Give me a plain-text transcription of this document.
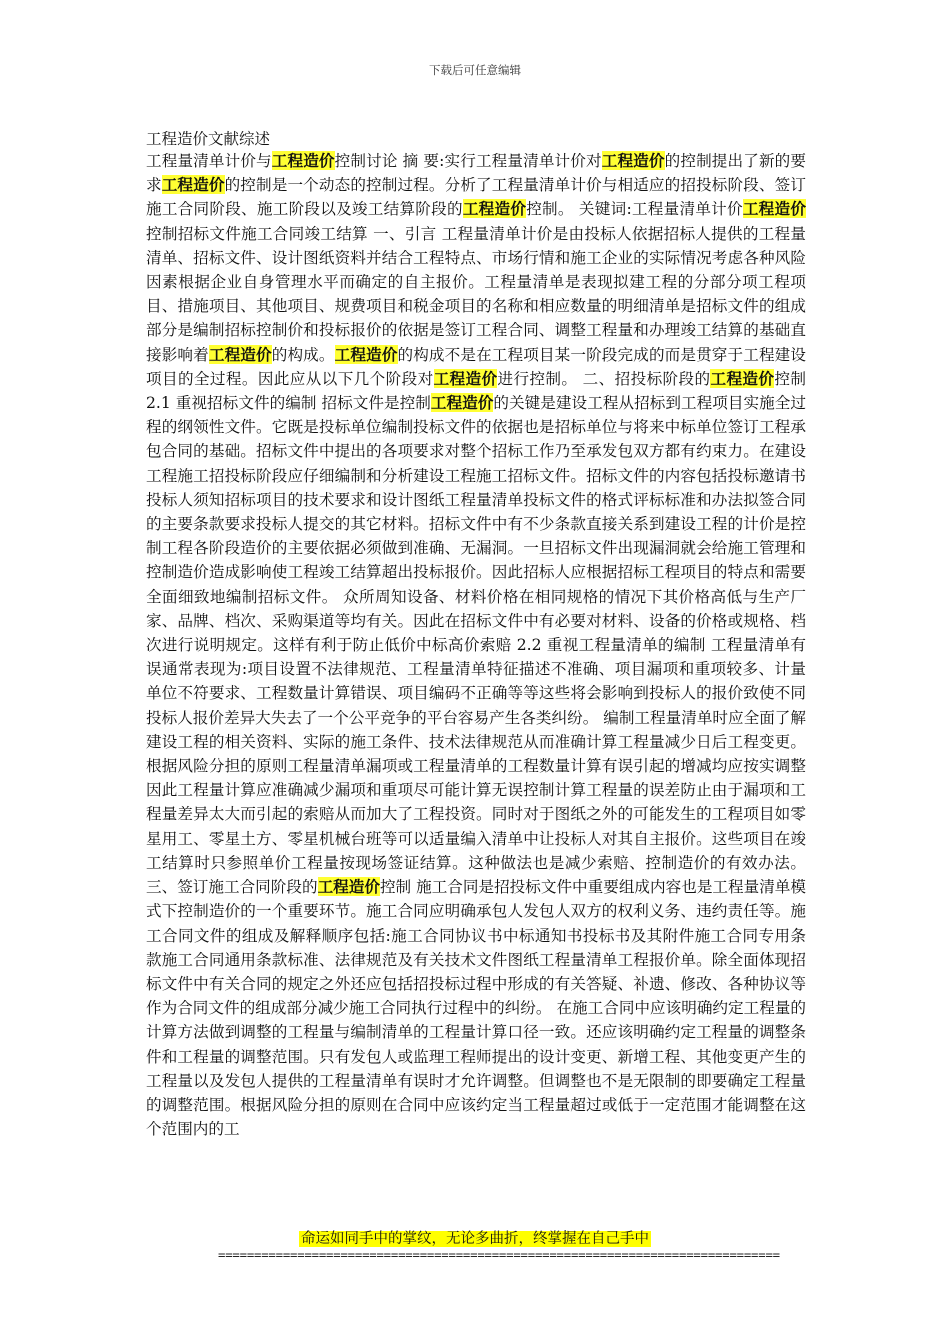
下载后可任意编辑
工程造价文献综述
工程量清单计价与工程造价控制讨论 摘 要:实行工程量清单计价对工程造价的控制提出了新的要求工程造价的控制是一个动态的控制过程。分析了工程量清单计价与相适应的招投标阶段、签订施工合同阶段、施工阶段以及竣工结算阶段的工程造价控制。 关键词:工程量清单计价工程造价控制招标文件施工合同竣工结算 一、引言 工程量清单计价是由投标人依据招标人提供的工程量清单、招标文件、设计图纸资料并结合工程特点、市场行情和施工企业的实际情况考虑各种风险因素根据企业自身管理水平而确定的自主报价。工程量清单是表现拟建工程的分部分项工程项目、措施项目、其他项目、规费项目和税金项目的名称和相应数量的明细清单是招标文件的组成部分是编制招标控制价和投标报价的依据是签订工程合同、调整工程量和办理竣工结算的基础直接影响着工程造价的构成。工程造价的构成不是在工程项目某一阶段完成的而是贯穿于工程建设项目的全过程。因此应从以下几个阶段对工程造价进行控制。 二、招投标阶段的工程造价控制 2.1 重视招标文件的编制 招标文件是控制工程造价的关键是建设工程从招标到工程项目实施全过程的纲领性文件。它既是投标单位编制投标文件的依据也是招标单位与将来中标单位签订工程承包合同的基础。招标文件中提出的各项要求对整个招标工作乃至承发包双方都有约束力。在建设工程施工招投标阶段应仔细编制和分析建设工程施工招标文件。招标文件的内容包括投标邀请书投标人须知招标项目的技术要求和设计图纸工程量清单投标文件的格式评标标准和办法拟签合同的主要条款要求投标人提交的其它材料。招标文件中有不少条款直接关系到建设工程的计价是控制工程各阶段造价的主要依据必须做到准确、无漏洞。一旦招标文件出现漏洞就会给施工管理和控制造价造成影响使工程竣工结算超出投标报价。因此招标人应根据招标工程项目的特点和需要全面细致地编制招标文件。 众所周知设备、材料价格在相同规格的情况下其价格高低与生产厂家、品牌、档次、采购渠道等均有关。因此在招标文件中有必要对材料、设备的价格或规格、档次进行说明规定。这样有利于防止低价中标高价索赔 2.2 重视工程量清单的编制 工程量清单有误通常表现为:项目设置不法律规范、工程量清单特征描述不准确、项目漏项和重项较多、计量单位不符要求、工程数量计算错误、项目编码不正确等等这些将会影响到投标人的报价致使不同投标人报价差异大失去了一个公平竞争的平台容易产生各类纠纷。 编制工程量清单时应全面了解建设工程的相关资料、实际的施工条件、技术法律规范从而准确计算工程量减少日后工程变更。根据风险分担的原则工程量清单漏项或工程量清单的工程数量计算有误引起的增减均应按实调整因此工程量计算应准确减少漏项和重项尽可能计算无误控制计算工程量的误差防止由于漏项和工程量差异太大而引起的索赔从而加大了工程投资。同时对于图纸之外的可能发生的工程项目如零星用工、零星土方、零星机械台班等可以适量编入清单中让投标人对其自主报价。这些项目在竣工结算时只参照单价工程量按现场签证结算。这种做法也是减少索赔、控制造价的有效办法。 三、签订施工合同阶段的工程造价控制 施工合同是招投标文件中重要组成内容也是工程量清单模式下控制造价的一个重要环节。施工合同应明确承包人发包人双方的权利义务、违约责任等。施工合同文件的组成及解释顺序包括:施工合同协议书中标通知书投标书及其附件施工合同专用条款施工合同通用条款标准、法律规范及有关技术文件图纸工程量清单工程报价单。除全面体现招标文件中有关合同的规定之外还应包括招投标过程中形成的有关答疑、补遗、修改、各种协议等作为合同文件的组成部分减少施工合同执行过程中的纠纷。 在施工合同中应该明确约定工程量的计算方法做到调整的工程量与编制清单的工程量计算口径一致。还应该明确约定工程量的调整条件和工程量的调整范围。只有发包人或监理工程师提出的设计变更、新增工程、其他变更产生的工程量以及发包人提供的工程量清单有误时才允许调整。但调整也不是无限制的即要确定工程量的调整范围。根据风险分担的原则在合同中应该约定当工程量超过或低于一定范围才能调整在这个范围内的工
命运如同手中的掌纹，无论多曲折，终掌握在自己手中
==============================================================================
